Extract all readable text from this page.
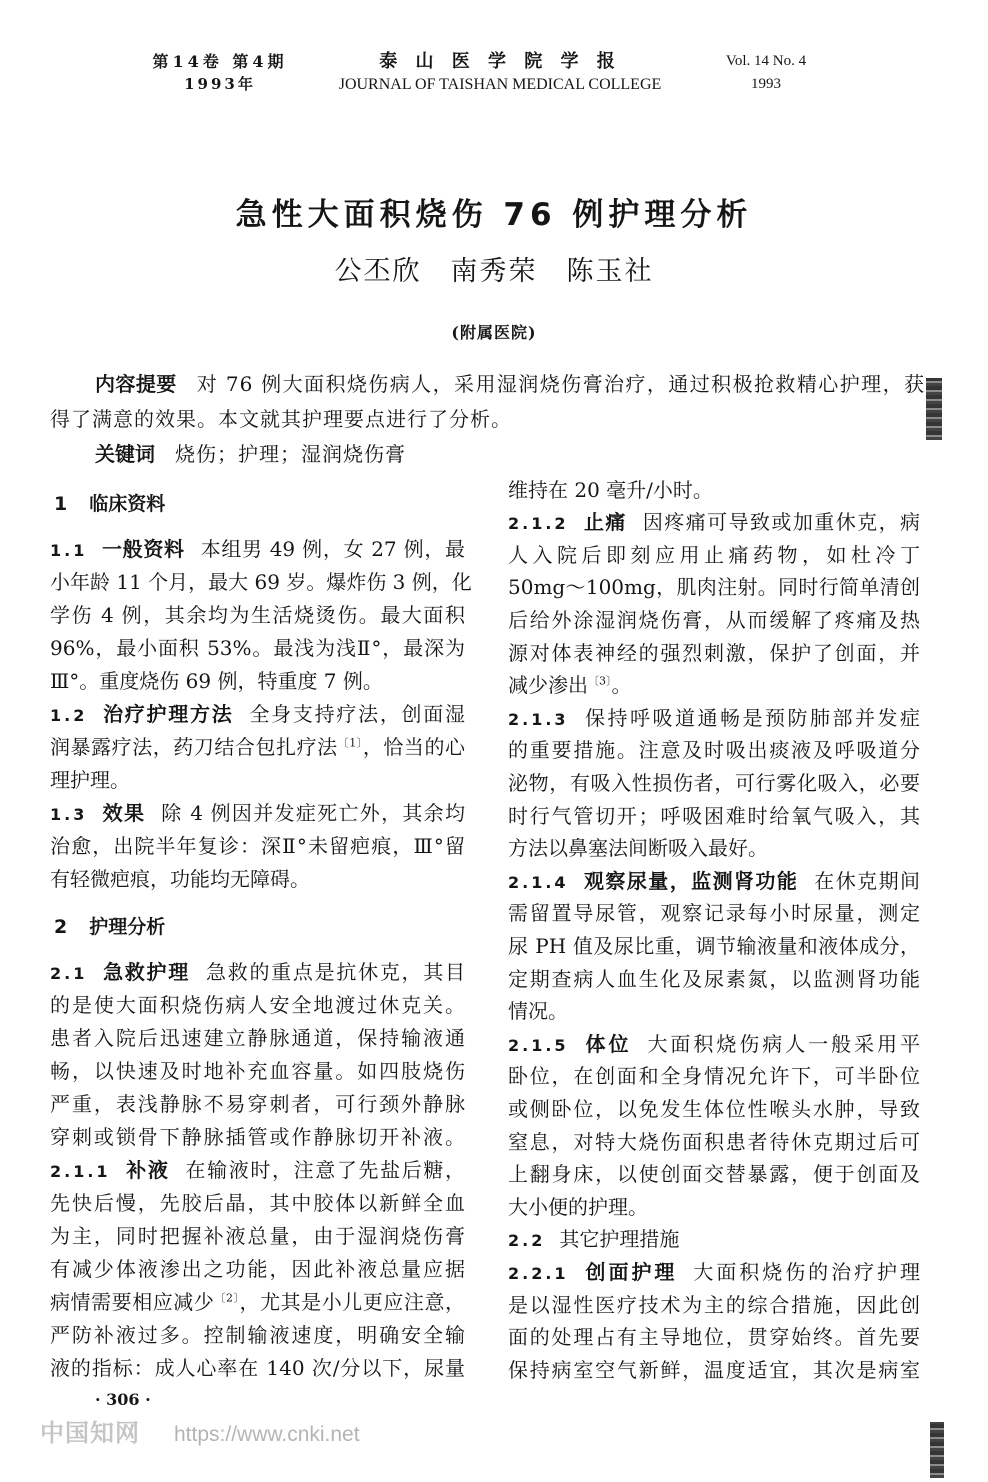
第14卷 第4期
1993年
泰 山 医 学 院 学 报
JOURNAL OF TAISHAN MEDICAL COLLEGE
Vol. 14 No. 4
1993
急性大面积烧伤 76 例护理分析
公丕欣　南秀荣　陈玉社
(附属医院)
内容提要 对 76 例大面积烧伤病人，采用湿润烧伤膏治疗，通过积极抢救精心护理，获
得了满意的效果。本文就其护理要点进行了分析。
关键词 烧伤；护理；湿润烧伤膏
1 临床资料
1.1 一般资料 本组男 49 例，女 27 例，最
小年龄 11 个月，最大 69 岁。爆炸伤 3 例，化
学伤 4 例，其余均为生活烧烫伤。最大面积
96%，最小面积 53%。最浅为浅Ⅱ°，最深为
Ⅲ°。重度烧伤 69 例，特重度 7 例。
1.2 治疗护理方法 全身支持疗法，创面湿
润暴露疗法，药刀结合包扎疗法$^{〔1〕}$，恰当的心
理护理。
1.3 效果 除 4 例因并发症死亡外，其余均
治愈，出院半年复诊：深Ⅱ°未留疤痕，Ⅲ°留
有轻微疤痕，功能均无障碍。
2 护理分析
2.1 急救护理 急救的重点是抗休克，其目
的是使大面积烧伤病人安全地渡过休克关。
患者入院后迅速建立静脉通道，保持输液通
畅，以快速及时地补充血容量。如四肢烧伤
严重，表浅静脉不易穿刺者，可行颈外静脉
穿刺或锁骨下静脉插管或作静脉切开补液。
2.1.1 补液 在输液时，注意了先盐后糖，
先快后慢，先胶后晶，其中胶体以新鲜全血
为主，同时把握补液总量，由于湿润烧伤膏
有减少体液渗出之功能，因此补液总量应据
病情需要相应减少$^{〔2〕}$，尤其是小儿更应注意，
严防补液过多。控制输液速度，明确安全输
液的指标：成人心率在 140 次/分以下，尿量
维持在 20 毫升/小时。
2.1.2 止痛 因疼痛可导致或加重休克，病
人入院后即刻应用止痛药物，如杜冷丁
50mg～100mg，肌肉注射。同时行简单清创
后给外涂湿润烧伤膏，从而缓解了疼痛及热
源对体表神经的强烈刺激，保护了创面，并
减少渗出$^{〔3〕}$。
2.1.3 保持呼吸道通畅是预防肺部并发症
的重要措施。注意及时吸出痰液及呼吸道分
泌物，有吸入性损伤者，可行雾化吸入，必要
时行气管切开；呼吸困难时给氧气吸入，其
方法以鼻塞法间断吸入最好。
2.1.4 观察尿量，监测肾功能 在休克期间
需留置导尿管，观察记录每小时尿量，测定
尿 PH 值及尿比重，调节输液量和液体成分，
定期查病人血生化及尿素氮，以监测肾功能
情况。
2.1.5 体位 大面积烧伤病人一般采用平
卧位，在创面和全身情况允许下，可半卧位
或侧卧位，以免发生体位性喉头水肿，导致
窒息，对特大烧伤面积患者待休克期过后可
上翻身床，以使创面交替暴露，便于创面及
大小便的护理。
2.2 其它护理措施
2.2.1 创面护理 大面积烧伤的治疗护理
是以湿性医疗技术为主的综合措施，因此创
面的处理占有主导地位，贯穿始终。首先要
保持病室空气新鲜，温度适宜，其次是病室
· 306 ·
中国知网 https://www.cnki.net
